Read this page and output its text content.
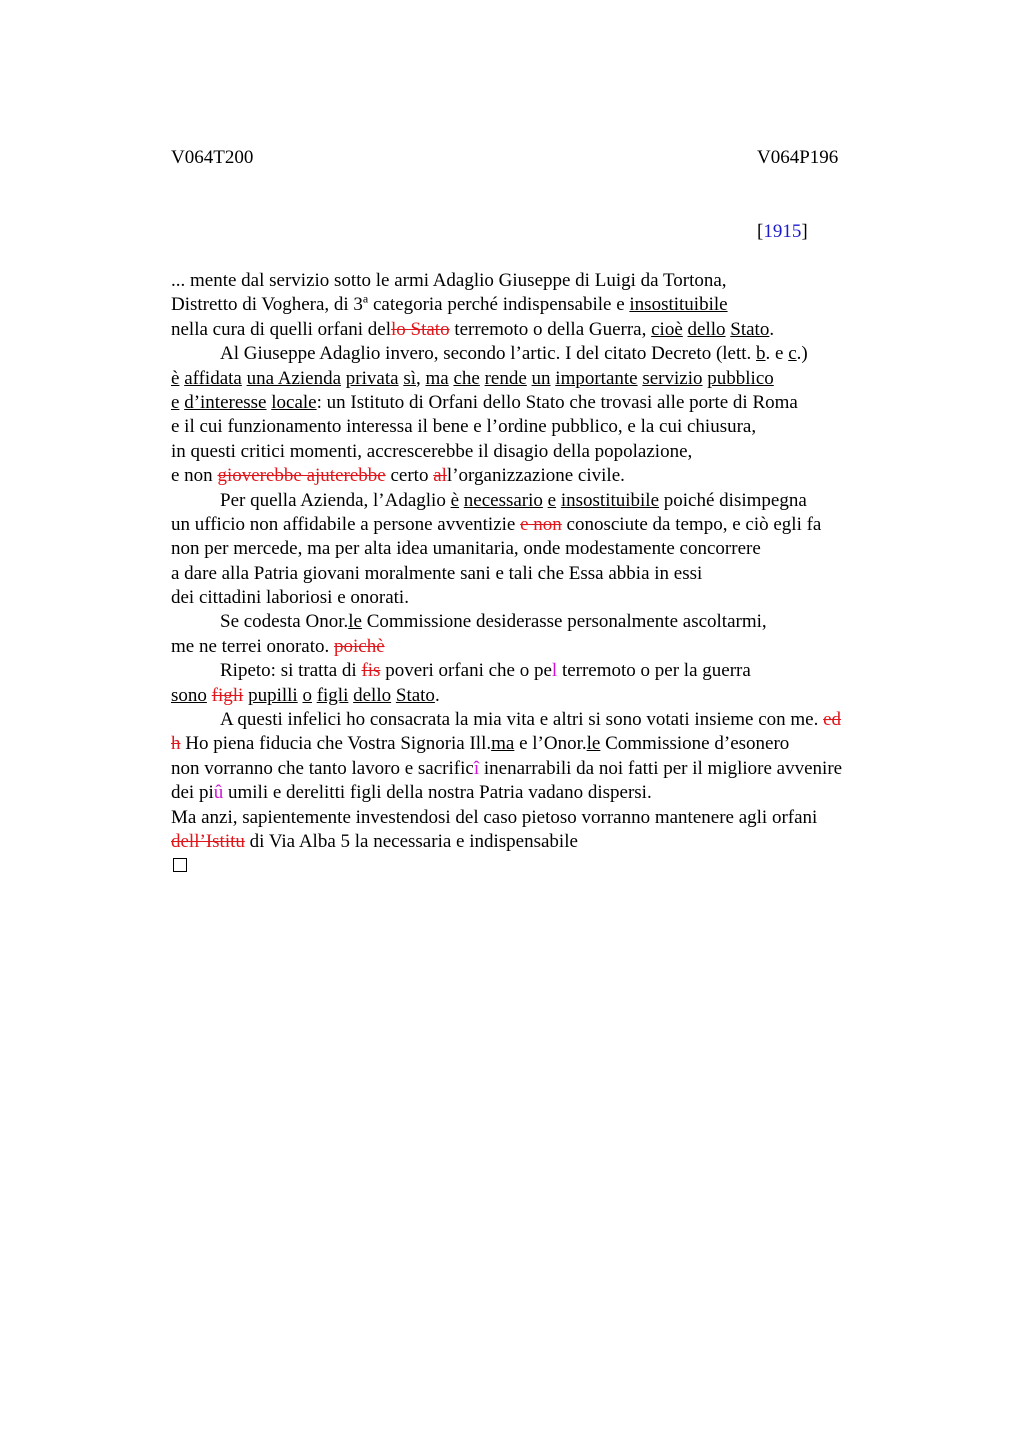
V064T200	V064P196
[1915]
... mente dal servizio sotto le armi Adaglio Giuseppe di Luigi da Tortona,
Distretto di Voghera, di 3$^a$ categoria perché indispensabile e insostituibile
nella cura di quelli orfani dello Stato terremoto o della Guerra, cioè dello Stato.
Al Giuseppe Adaglio invero, secondo l’artic. I del citato Decreto (lett. b. e c.)
è affidata una Azienda privata sì, ma che rende un importante servizio pubblico
e d’interesse locale: un Istituto di Orfani dello Stato che trovasi alle porte di Roma
e il cui funzionamento interessa il bene e l’ordine pubblico, e la cui chiusura,
in questi critici momenti, accrescerebbe il disagio della popolazione,
e non gioverebbe ajuterebbe certo all’organizzazione civile.
Per quella Azienda, l’Adaglio è necessario e insostituibile poiché disimpegna
un ufficio non affidabile a persone avventizie e non conosciute da tempo, e ciò egli fa
non per mercede, ma per alta idea umanitaria, onde modestamente concorrere
a dare alla Patria giovani moralmente sani e tali che Essa abbia in essi
dei cittadini laboriosi e onorati.
Se codesta Onor.le Commissione desiderasse personalmente ascoltarmi,
me ne terrei onorato. poichè
Ripeto: si tratta di fis poveri orfani che o pel terremoto o per la guerra
sono figli pupilli o figli dello Stato.
A questi infelici ho consacrata la mia vita e altri si sono votati insieme con me. ed
h Ho piena fiducia che Vostra Signoria Ill.ma e l’Onor.le Commissione d’esonero
non vorranno che tanto lavoro e sacrificî inenarrabili da noi fatti per il migliore avvenire
dei piû umili e derelitti figli della nostra Patria vadano dispersi.
Ma anzi, sapientemente investendosi del caso pietoso vorranno mantenere agli orfani
dell’Istitu di Via Alba 5 la necessaria e indispensabile
